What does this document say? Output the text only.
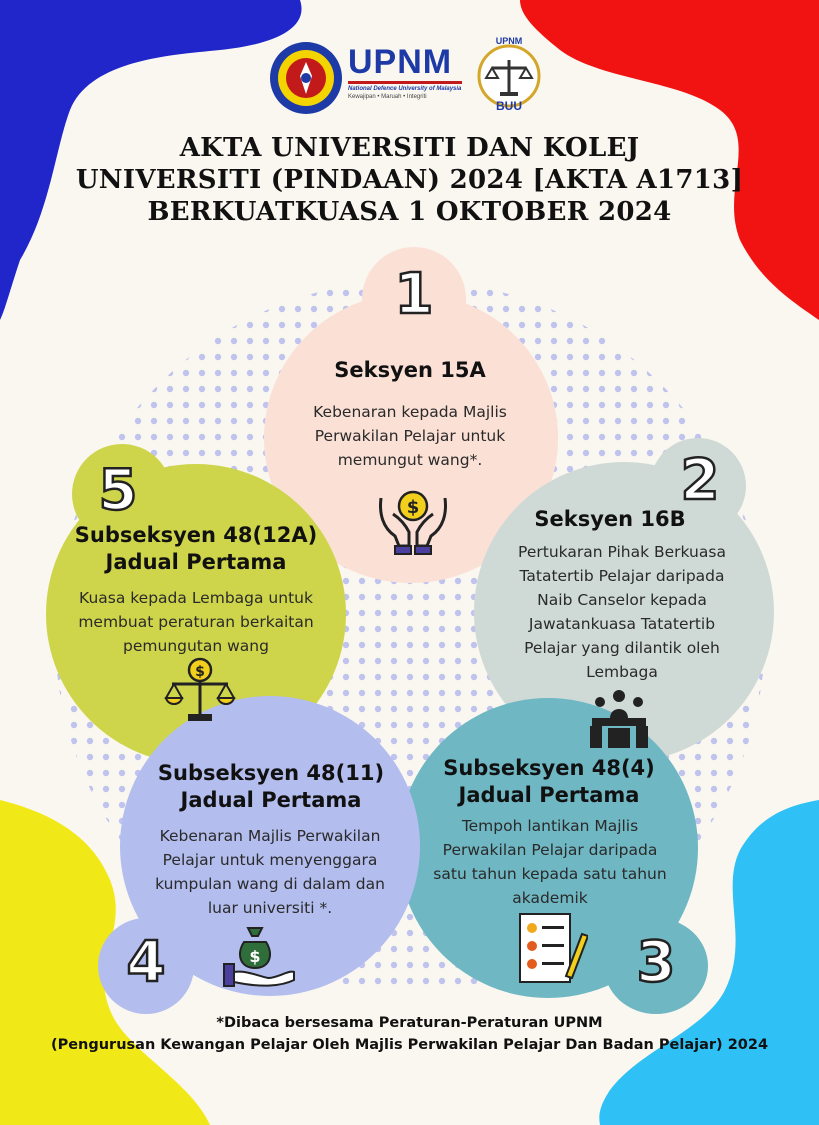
UPNM
National Defence University of Malaysia
Kewajipan • Maruah • Integriti
UPNM
BUU
AKTA UNIVERSITI DAN KOLEJ
UNIVERSITI (PINDAAN) 2024 [AKTA A1713]
BERKUATKUASA 1 OKTOBER 2024
1
2
3
4
5
Seksyen 15A
Kebenaran kepada Majlis
Perwakilan Pelajar untuk
memungut wang*.
$	Seksyen 16B
Pertukaran Pihak Berkuasa
Tatatertib Pelajar daripada
Naib Canselor kepada
Jawatankuasa Tatatertib
Pelajar yang dilantik oleh
Lembaga
Subseksyen 48(12A)
Jadual Pertama
Kuasa kepada Lembaga untuk
membuat peraturan berkaitan
pemungutan wang
$
Subseksyen 48(4)
Jadual Pertama
Tempoh lantikan Majlis
Perwakilan Pelajar daripada
satu tahun kepada satu tahun
akademik
Subseksyen 48(11)
Jadual Pertama
Kebenaran Majlis Perwakilan
Pelajar untuk menyenggara
kumpulan wang di dalam dan
luar universiti *.
$
*Dibaca bersesama Peraturan-Peraturan UPNM
(Pengurusan Kewangan Pelajar Oleh Majlis Perwakilan Pelajar Dan Badan Pelajar) 2024
